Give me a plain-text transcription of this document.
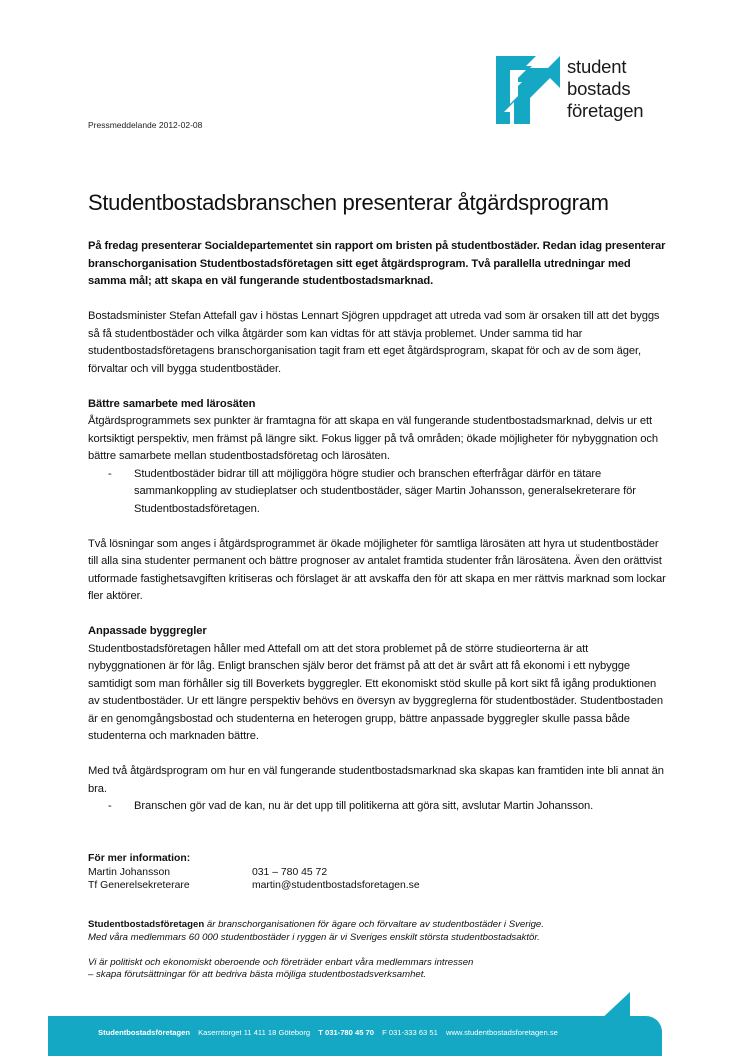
student
bostads
företagen
Pressmeddelande 2012-02-08
Studentbostadsbranschen presenterar åtgärdsprogram

På fredag presenterar Socialdepartementet sin rapport om bristen på studentbostäder. Redan idag presenterar branschorganisation Studentbostadsföretagen sitt eget åtgärdsprogram. Två parallella utredningar med samma mål; att skapa en väl fungerande studentbostadsmarknad.

Bostadsminister Stefan Attefall gav i höstas Lennart Sjögren uppdraget att utreda vad som är orsaken till att det byggs så få studentbostäder och vilka åtgärder som kan vidtas för att stävja problemet. Under samma tid har studentbostadsföretagens branschorganisation tagit fram ett eget åtgärdsprogram, skapat för och av de som äger, förvaltar och vill bygga studentbostäder.

Bättre samarbete med lärosäten

Åtgärdsprogrammets sex punkter är framtagna för att skapa en väl fungerande studentbostadsmarknad, delvis ur ett kortsiktigt perspektiv, men främst på längre sikt. Fokus ligger på två områden; ökade möjligheter för nybyggnation och bättre samarbete mellan studentbostadsföretag och lärosäten.

-	Studentbostäder bidrar till att möjliggöra högre studier och branschen efterfrågar därför en tätare sammankoppling av studieplatser och studentbostäder, säger Martin Johansson, generalsekreterare för Studentbostadsföretagen.

Två lösningar som anges i åtgärdsprogrammet är ökade möjligheter för samtliga lärosäten att hyra ut studentbostäder till alla sina studenter permanent och bättre prognoser av antalet framtida studenter från lärosätena. Även den orättvist utformade fastighetsavgiften kritiseras och förslaget är att avskaffa den för att skapa en mer rättvis marknad som lockar fler aktörer.

Anpassade byggregler

Studentbostadsföretagen håller med Attefall om att det stora problemet på de större studieorterna är att nybyggnationen är för låg. Enligt branschen själv beror det främst på att det är svårt att få ekonomi i ett nybygge samtidigt som man förhåller sig till Boverkets byggregler. Ett ekonomiskt stöd skulle på kort sikt få igång produktionen av studentbostäder. Ur ett längre perspektiv behövs en översyn av byggreglerna för studentbostäder. Studentbostaden är en genomgångsbostad och studenterna en heterogen grupp, bättre anpassade byggregler skulle passa både studenterna och marknaden bättre.

Med två åtgärdsprogram om hur en väl fungerande studentbostadsmarknad ska skapas kan framtiden inte bli annat än bra.

-	Branschen gör vad de kan, nu är det upp till politikerna att göra sitt, avslutar Martin Johansson.
För mer information:
Martin Johansson	031 – 780 45 72
Tf Generelsekreterare	martin@studentbostadsforetagen.se

Studentbostadsföretagen är branschorganisationen för ägare och förvaltare av studentbostäder i Sverige.

Med våra medlemmars 60 000 studentbostäder i ryggen är vi Sveriges enskilt största studentbostadsaktör.

Vi är politiskt och ekonomiskt oberoende och företräder enbart våra medlemmars intressen

– skapa förutsättningar för att bedriva bästa möjliga studentbostadsverksamhet.

Studentbostadsföretagen Kaserntorget 11 411 18 Göteborg T 031-780 45 70 F 031-333 63 51 www.studentbostadsforetagen.se
